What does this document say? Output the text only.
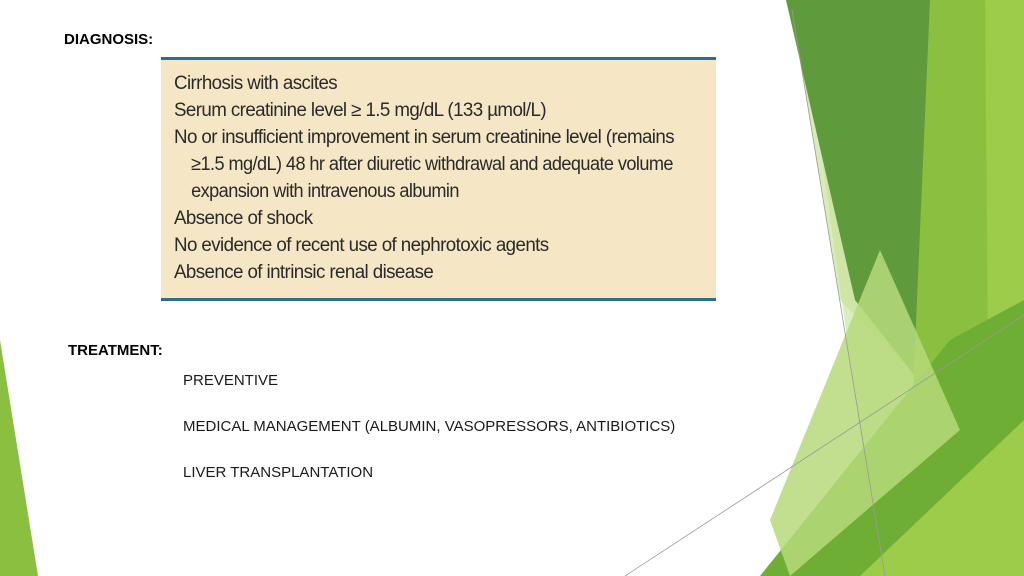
DIAGNOSIS:
Cirrhosis with ascites
Serum creatinine level ≥ 1.5 mg/dL (133 µmol/L)
No or insufficient improvement in serum creatinine level (remains
≥1.5 mg/dL) 48 hr after diuretic withdrawal and adequate volume
expansion with intravenous albumin
Absence of shock
No evidence of recent use of nephrotoxic agents
Absence of intrinsic renal disease
TREATMENT:
PREVENTIVE
MEDICAL MANAGEMENT (ALBUMIN, VASOPRESSORS, ANTIBIOTICS)
LIVER TRANSPLANTATION
